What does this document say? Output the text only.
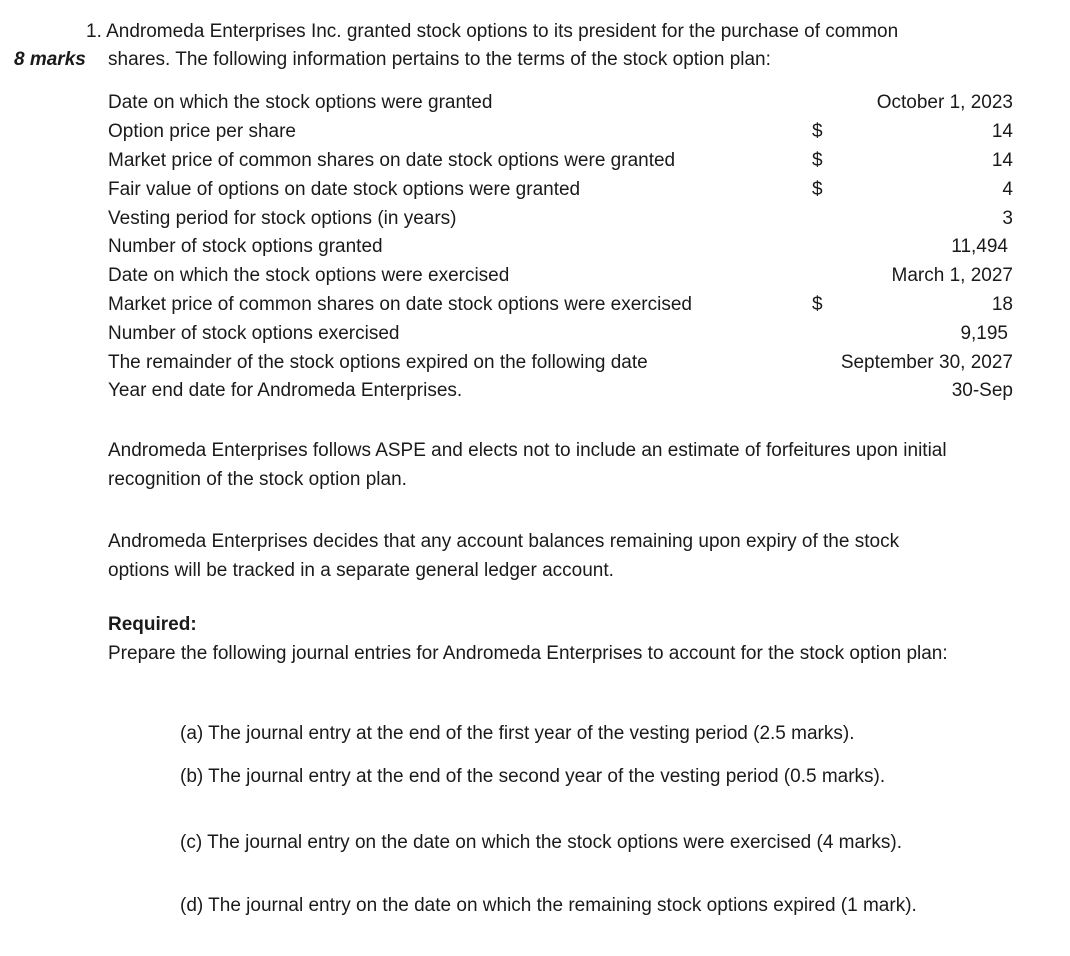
1. Andromeda Enterprises Inc. granted stock options to its president for the purchase of common
8 marks shares. The following information pertains to the terms of the stock option plan:
Date on which the stock options were granted	October 1, 2023
Option price per share	$	14
Market price of common shares on date stock options were granted	$	14
Fair value of options on date stock options were granted	$	4
Vesting period for stock options (in years)	3
Number of stock options granted	11,494
Date on which the stock options were exercised	March 1, 2027
Market price of common shares on date stock options were exercised	$	18
Number of stock options exercised	9,195
The remainder of the stock options expired on the following date	September 30, 2027
Year end date for Andromeda Enterprises.	30-Sep
Andromeda Enterprises follows ASPE and elects not to include an estimate of forfeitures upon initial recognition of the stock option plan.
Andromeda Enterprises decides that any account balances remaining upon expiry of the stock options will be tracked in a separate general ledger account.
Required:
Prepare the following journal entries for Andromeda Enterprises to account for the stock option plan:
(a) The journal entry at the end of the first year of the vesting period (2.5 marks).
(b) The journal entry at the end of the second year of the vesting period (0.5 marks).
(c) The journal entry on the date on which the stock options were exercised (4 marks).
(d) The journal entry on the date on which the remaining stock options expired (1 mark).
